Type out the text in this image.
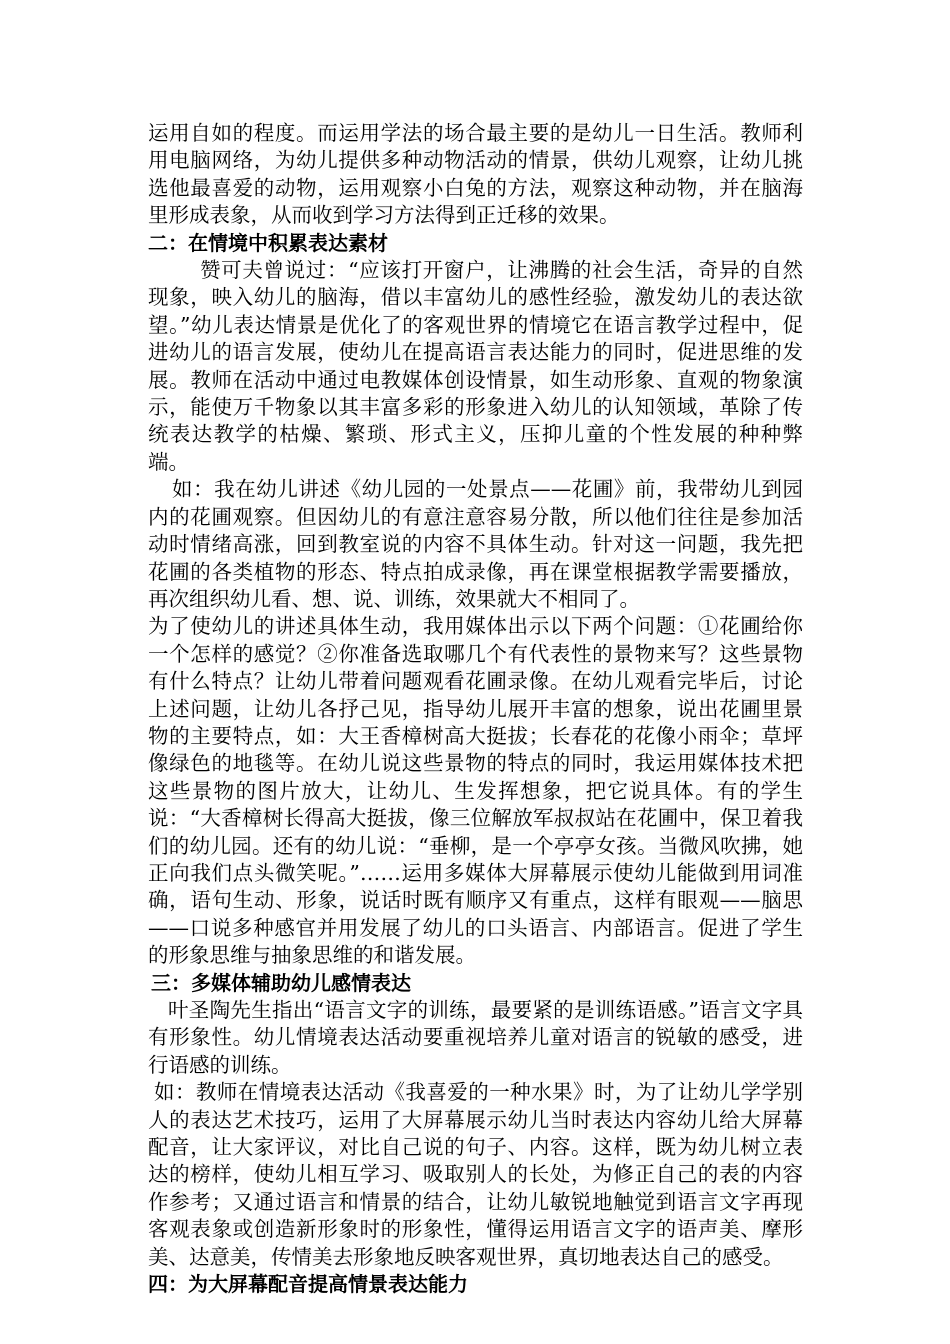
运用自如的程度。而运用学法的场合最主要的是幼儿一日生活。教师利用电脑网络，为幼儿提供多种动物活动的情景，供幼儿观察，让幼儿挑选他最喜爱的动物，运用观察小白兔的方法，观察这种动物，并在脑海里形成表象，从而收到学习方法得到正迁移的效果。

二：在情境中积累表达素材

赞可夫曾说过：“应该打开窗户，让沸腾的社会生活，奇异的自然现象，映入幼儿的脑海，借以丰富幼儿的感性经验，激发幼儿的表达欲望。”幼儿表达情景是优化了的客观世界的情境它在语言教学过程中，促进幼儿的语言发展，使幼儿在提高语言表达能力的同时，促进思维的发展。教师在活动中通过电教媒体创设情景，如生动形象、直观的物象演示，能使万千物象以其丰富多彩的形象进入幼儿的认知领域，革除了传统表达教学的枯燥、繁琐、形式主义，压抑儿童的个性发展的种种弊端。

如：我在幼儿讲述《幼儿园的一处景点——花圃》前，我带幼儿到园内的花圃观察。但因幼儿的有意注意容易分散，所以他们往往是参加活动时情绪高涨，回到教室说的内容不具体生动。针对这一问题，我先把花圃的各类植物的形态、特点拍成录像，再在课堂根据教学需要播放，再次组织幼儿看、想、说、训练，效果就大不相同了。

为了使幼儿的讲述具体生动，我用媒体出示以下两个问题：①花圃给你一个怎样的感觉？②你准备选取哪几个有代表性的景物来写？这些景物有什么特点？让幼儿带着问题观看花圃录像。在幼儿观看完毕后，讨论上述问题，让幼儿各抒己见，指导幼儿展开丰富的想象，说出花圃里景物的主要特点，如：大王香樟树高大挺拔；长春花的花像小雨伞；草坪像绿色的地毯等。在幼儿说这些景物的特点的同时，我运用媒体技术把这些景物的图片放大，让幼儿、生发挥想象，把它说具体。有的学生说：“大香樟树长得高大挺拔，像三位解放军叔叔站在花圃中，保卫着我们的幼儿园。还有的幼儿说：“垂柳，是一个亭亭女孩。当微风吹拂，她正向我们点头微笑呢。”……运用多媒体大屏幕展示使幼儿能做到用词准确，语句生动、形象，说话时既有顺序又有重点，这样有眼观——脑思——口说多种感官并用发展了幼儿的口头语言、内部语言。促进了学生的形象思维与抽象思维的和谐发展。

三：多媒体辅助幼儿感情表达

叶圣陶先生指出“语言文字的训练，最要紧的是训练语感。”语言文字具有形象性。幼儿情境表达活动要重视培养儿童对语言的锐敏的感受，进行语感的训练。

如：教师在情境表达活动《我喜爱的一种水果》时，为了让幼儿学学别人的表达艺术技巧，运用了大屏幕展示幼儿当时表达内容幼儿给大屏幕配音，让大家评议，对比自己说的句子、内容。这样，既为幼儿树立表达的榜样，使幼儿相互学习、吸取别人的长处，为修正自己的表的内容作参考；又通过语言和情景的结合，让幼儿敏锐地触觉到语言文字再现客观表象或创造新形象时的形象性，懂得运用语言文字的语声美、摩形美、达意美，传情美去形象地反映客观世界，真切地表达自己的感受。

四：为大屏幕配音提高情景表达能力
